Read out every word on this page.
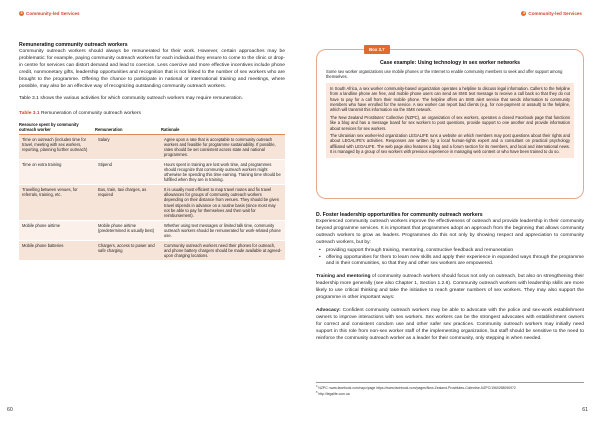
3 Community-led Services
Remunerating community outreach workers

Community outreach workers should always be remunerated for their work. However, certain approaches may be problematic: for example, paying community outreach workers for each individual they ensure to come to the clinic or drop-in centre for services can distort demand and lead to coercion. Less coercive and more effective incentives include phone credit, nonmonetary gifts, leadership opportunities and recognition that is not linked to the number of sex workers who are brought to the programme. Offering the chance to participate in national or international training and meetings, where possible, may also be an effective way of recognizing outstanding community outreach workers.

Table 3.1 shows the various activities for which community outreach workers may require remuneration.

Table 3.1 Remuneration of community outreach workers
Resource spent by community outreach worker	Remuneration	Rationale
Time on outreach (includes time for travel, meeting with sex workers, reporting, planning further outreach)	Salary	Agree upon a rate that is acceptable to community outreach workers and feasible for programme sustainability. If possible, rates should be set consistent across state and national programmes.
Time on extra training	Stipend	Hours spent in training are lost work time, and programmes should recognize that community outreach workers might otherwise be spending this time earning. Training time should be fulfilled when they are in training.
Travelling between venues, for referrals, training, etc.	Bus, train, taxi charges, as required	It is usually most efficient to map travel routes and fix travel allowances for groups of community outreach workers depending on their distance from venues. They should be given travel stipends in advance on a routine basis (since most may not be able to pay for themselves and then wait for reimbursement).
Mobile phone airtime	Mobile phone airtime (predetermined is usually best)	Whether using text messages or limited talk time, community outreach workers should be remunerated for work-related phone use.
Mobile phone batteries	Chargers, access to power and safe charging	Community outreach workers need their phones for outreach, and phone battery chargers should be made available at agreed-upon charging locations.
60
3 Community-led Services
Box 3.7
Case example: Using technology in sex worker networks

Some sex worker organizations use mobile phones or the Internet to enable community members to seek and offer support among themselves.

In South Africa, a sex worker community-based organization operates a helpline to discuss legal information. Callers to the helpline from a landline phone are free, and mobile phone users can send an SMS text message to receive a call back so that they do not have to pay for a call from their mobile phone. The helpline offers an SMS alert service that sends information to community members who have enrolled for the service. A sex worker can report bad clients (e.g. for non-payment or assault) to the helpline, which will transmit this information via the SMS network.

The New Zealand Prostitutes' Collective (NZPC), an organization of sex workers, operates a closed Facebook page that functions like a blog and has a message board for sex workers to post questions, provide support to one another and provide information about services for sex workers.

The Ukrainian sex worker-led organization LEGALIFE runs a website on which members may post questions about their rights and about LEGALIFE's activities. Responses are written by a local human-rights expert and a consultant on practical psychology affiliated with LEGALIFE. The web page also features a blog and a forum section for its members, and local and international news. It is managed by a group of sex workers with previous experience in managing web content or who have been trained to do so.

D. Foster leadership opportunities for community outreach workers

Experienced community outreach workers improve the effectiveness of outreach and provide leadership in their community beyond programme services. It is important that programmes adopt an approach from the beginning that allows community outreach workers to grow as leaders. Programmes do this not only by showing respect and appreciation to community outreach workers, but by:

• providing support through training, mentoring, constructive feedback and remuneration
• offering opportunities for them to learn new skills and apply their experience in expanded ways through the programme and in their communities, so that they and other sex workers are empowered.

Training and mentoring of community outreach workers should focus not only on outreach, but also on strengthening their leadership more generally (see also Chapter 1, Section 1.2.6). Community outreach workers with leadership skills are more likely to use critical thinking and take the initiative to reach greater numbers of sex workers. They may also support the programme in other important ways:

Advocacy: Confident community outreach workers may be able to advocate with the police and sex-work establishment owners to improve interactions with sex workers. Sex workers can be the strongest advocates with establishment owners for correct and consistent condom use and other safer sex practices. Community outreach workers may initially need support in this role from non-sex worker staff of the implementing organization, but staff should be sensitive to the need to reinforce the community outreach worker as a leader for their community, only stepping in when needed.

$^4$ NZPC: www.facebook.com/nzpc/page https://www.facebook.com/pages/New-Zealand-Prostitutes-Collective-NZPC/1960258096972

$^5$ http://legalife.com.ua

61
